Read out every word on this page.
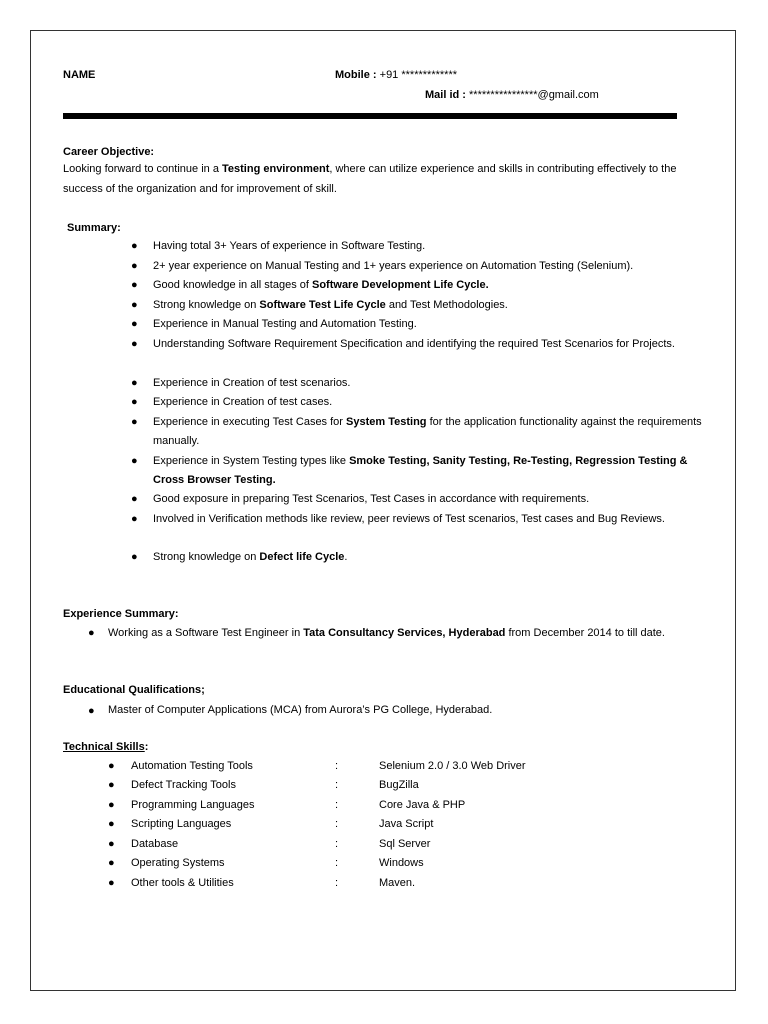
NAME	Mobile : +91 *************
Mail id : ****************@gmail.com
Career Objective:
Looking forward to continue in a Testing environment, where can utilize experience and skills in contributing effectively to the success of the organization and for improvement of skill.
Summary:
● Having total 3+ Years of experience in Software Testing.
● 2+ year experience on Manual Testing and 1+ years experience on Automation Testing (Selenium).
● Good knowledge in all stages of Software Development Life Cycle.
● Strong knowledge on Software Test Life Cycle and Test Methodologies.
● Experience in Manual Testing and Automation Testing.
● Understanding Software Requirement Specification and identifying the required Test Scenarios for Projects.
● Experience in Creation of test scenarios.
● Experience in Creation of test cases.
● Experience in executing Test Cases for System Testing for the application functionality against the requirements manually.
● Experience in System Testing types like Smoke Testing, Sanity Testing, Re-Testing, Regression Testing & Cross Browser Testing.
● Good exposure in preparing Test Scenarios, Test Cases in accordance with requirements.
● Involved in Verification methods like review, peer reviews of Test scenarios, Test cases and Bug Reviews.
● Strong knowledge on Defect life Cycle.
Experience Summary:
● Working as a Software Test Engineer in Tata Consultancy Services, Hyderabad from December 2014 to till date.
Educational Qualifications;
● Master of Computer Applications (MCA) from Aurora’s PG College, Hyderabad.
Technical Skills:
● Automation Testing Tools	:	Selenium 2.0 / 3.0 Web Driver
● Defect Tracking Tools	:	BugZilla
● Programming Languages	:	Core Java & PHP
● Scripting Languages	:	Java Script
● Database	:	Sql Server
● Operating Systems	:	Windows
● Other tools & Utilities	:	Maven.
